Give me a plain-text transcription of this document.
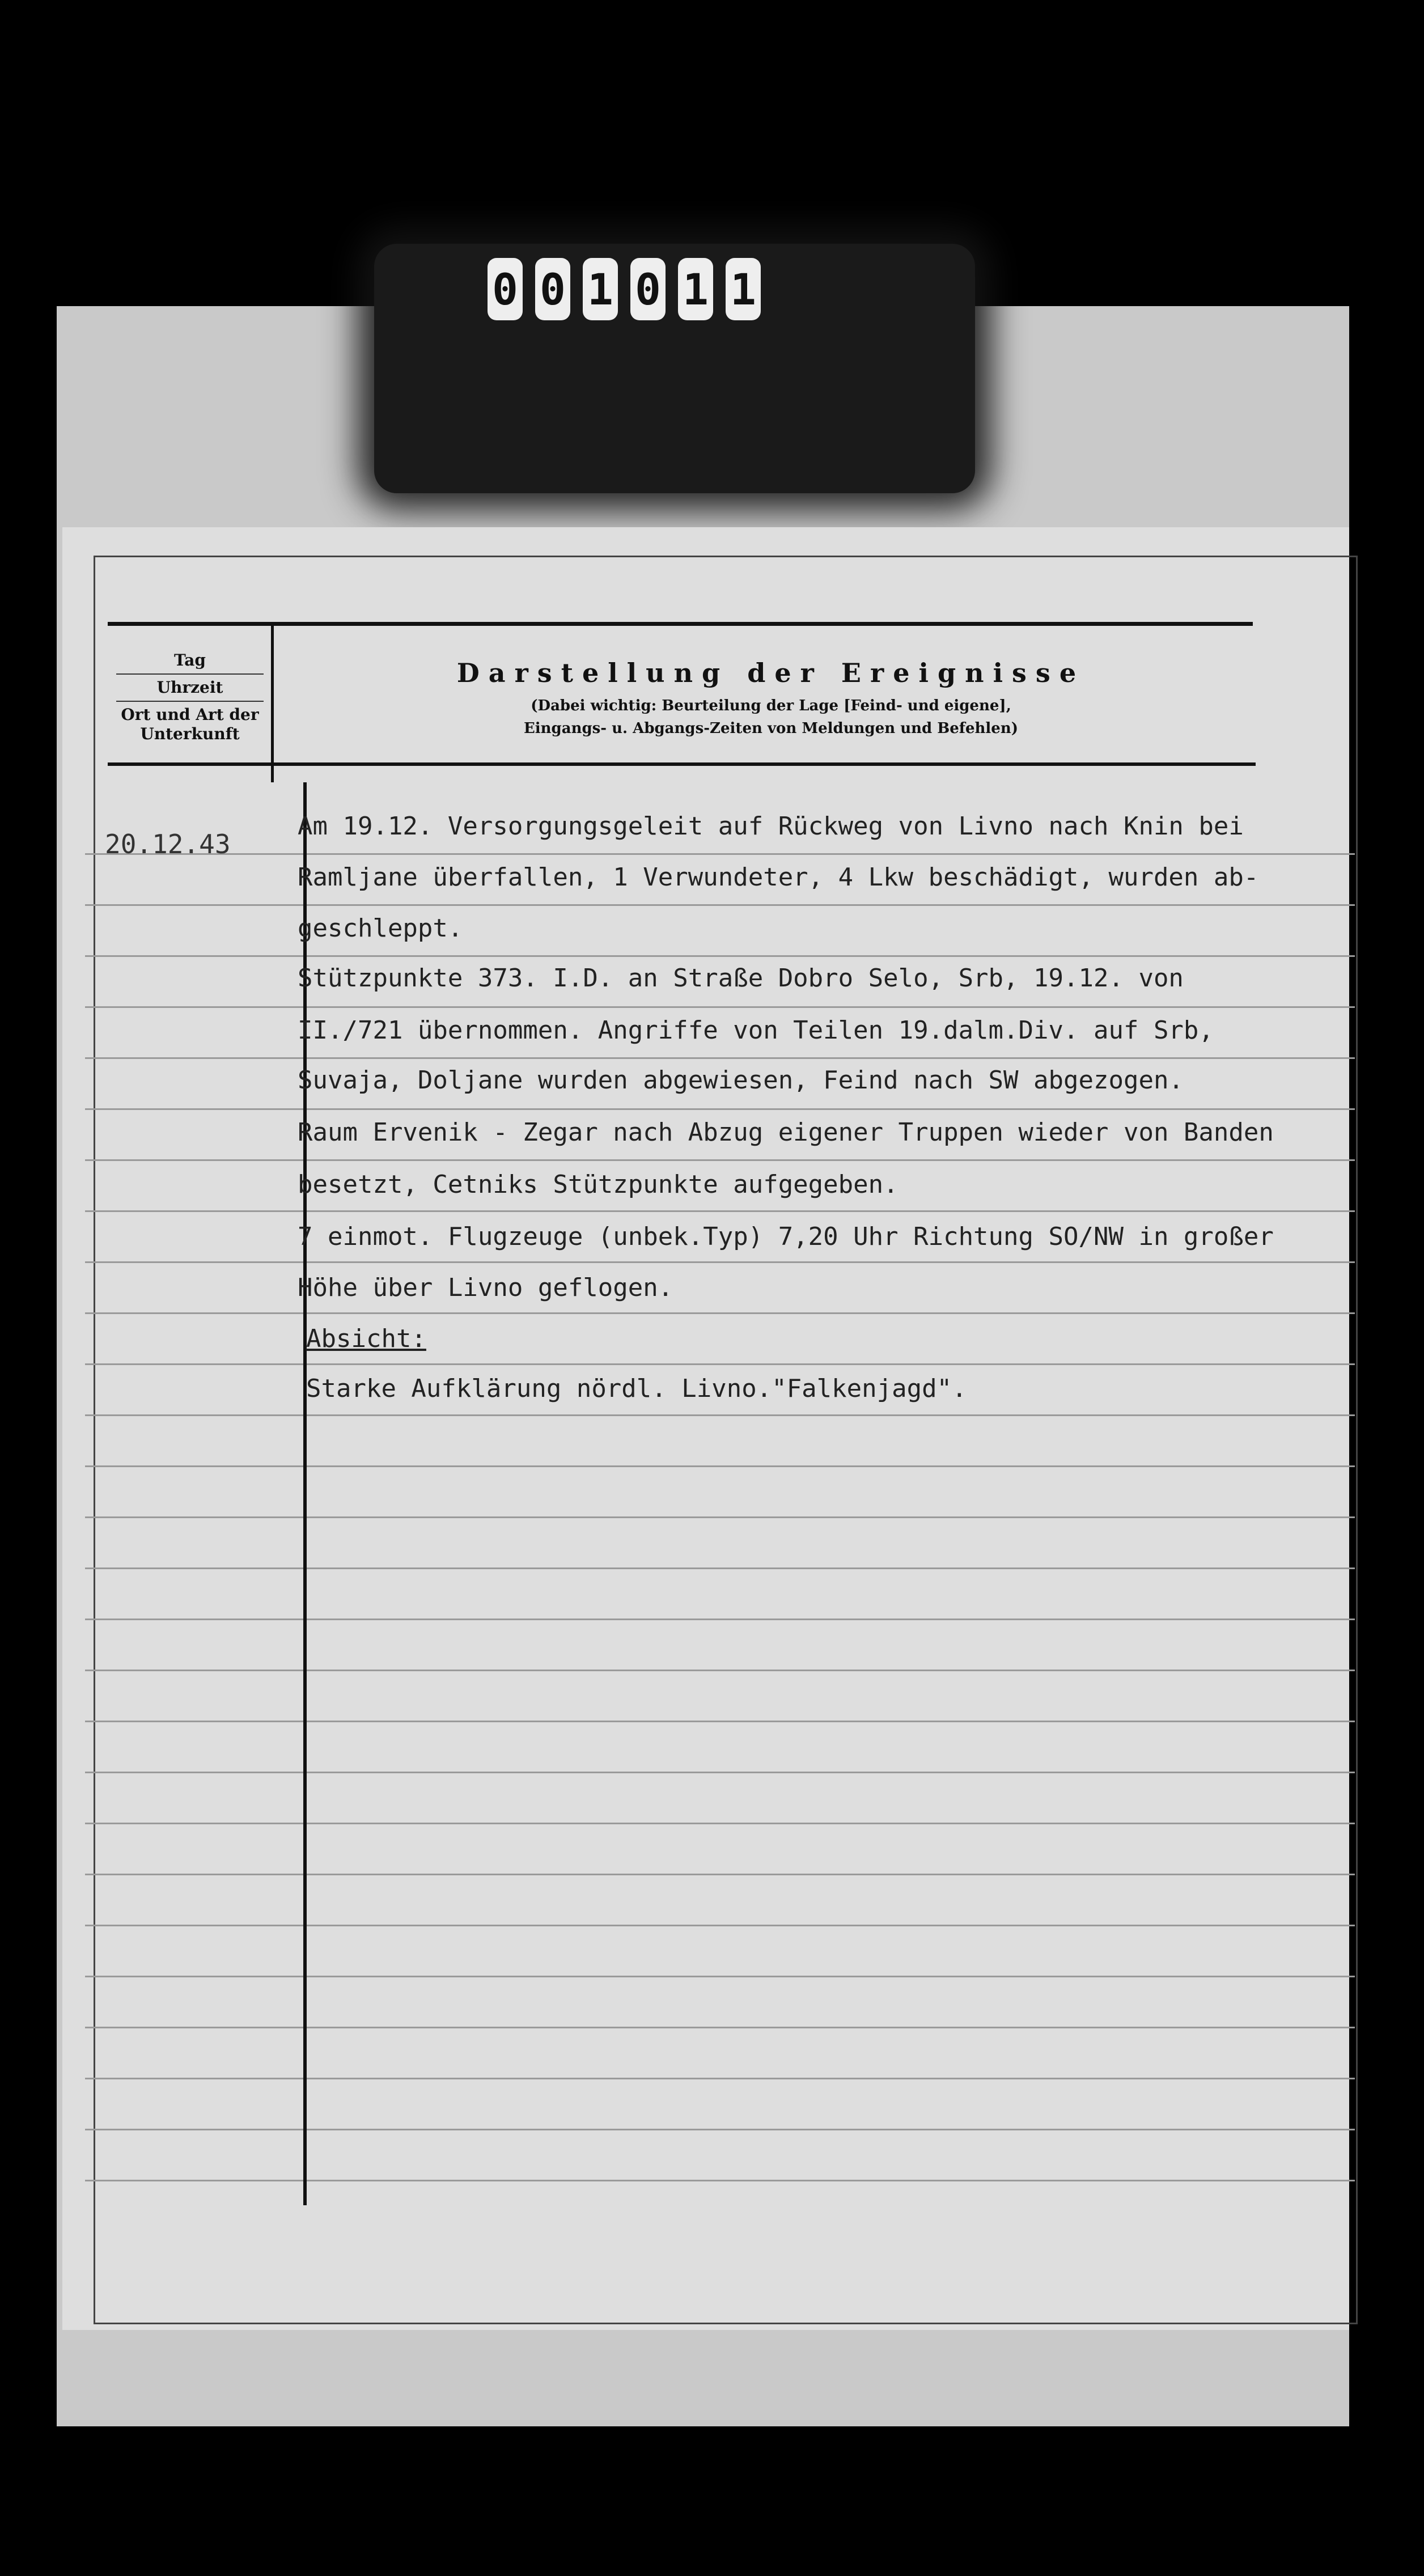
0 0 1 0 1 1
Tag
Uhrzeit
Ort und Art der Unterkunft
Darstellung der Ereignisse
(Dabei wichtig: Beurteilung der Lage [Feind- und eigene],
Eingangs- u. Abgangs-Zeiten von Meldungen und Befehlen)
20.12.43
Am 19.12. Versorgungsgeleit auf Rückweg von Livno nach Knin bei
Ramljane überfallen, 1 Verwundeter, 4 Lkw beschädigt, wurden ab-
geschleppt.
Stützpunkte 373. I.D. an Straße Dobro Selo, Srb, 19.12. von
II./721 übernommen. Angriffe von Teilen 19.dalm.Div. auf Srb,
Suvaja, Doljane wurden abgewiesen, Feind nach SW abgezogen.
Raum Ervenik - Zegar nach Abzug eigener Truppen wieder von Banden
besetzt, Cetniks Stützpunkte aufgegeben.
7 einmot. Flugzeuge (unbek.Typ) 7,20 Uhr Richtung SO/NW in großer
Höhe über Livno geflogen.
Absicht:
Starke Aufklärung nördl. Livno."Falkenjagd".
